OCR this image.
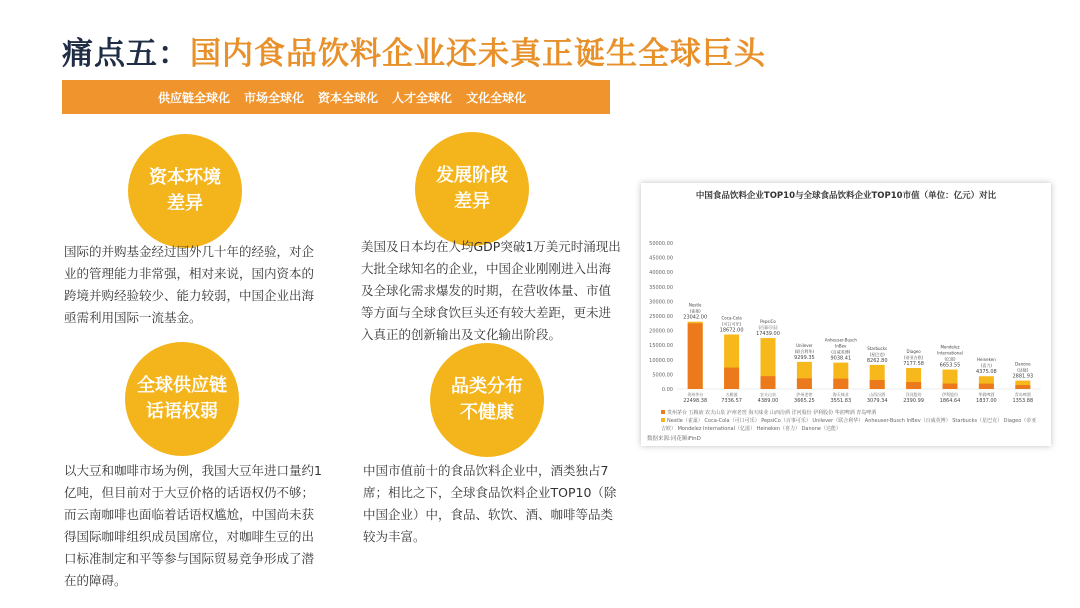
痛点五：国内食品饮料企业还未真正诞生全球巨头
供应链全球化 市场全球化 资本全球化 人才全球化 文化全球化
资本环境
差异
国际的并购基金经过国外几十年的经验，对企业的管理能力非常强，相对来说，国内资本的跨境并购经验较少、能力较弱，中国企业出海亟需利用国际一流基金。
发展阶段
差异
美国及日本均在人均GDP突破1万美元时涌现出大批全球知名的企业，中国企业刚刚进入出海及全球化需求爆发的时期，在营收体量、市值等方面与全球食饮巨头还有较大差距，更未进入真正的创新输出及文化输出阶段。
全球供应链
话语权弱
以大豆和咖啡市场为例，我国大豆年进口量约1亿吨，但目前对于大豆价格的话语权仍不够；而云南咖啡也面临着话语权尴尬，中国尚未获得国际咖啡组织成员国席位，对咖啡生豆的出口标准制定和平等参与国际贸易竞争形成了潜在的障碍。
品类分布
不健康
中国市值前十的食品饮料企业中，酒类独占7席；相比之下，全球食品饮料企业TOP10（除中国企业）中，食品、软饮、酒、咖啡等品类较为丰富。
中国食品饮料企业TOP10与全球食品饮料企业TOP10市值（单位：亿元）对比
50000.00
45000.00
40000.00
35000.00
30000.00
25000.00
20000.00
15000.00
10000.00
5000.00
0.00
Nestle
(雀巢)
23042.00
贵州茅台
22498.38
Coca-Cola
(可口可乐)
18672.00
五粮液
7336.57
PepsiCo
(百事可乐)
17439.00
农夫山泉
4389.00
Unilever
(联合利华)
9299.35
泸州老窖
3665.25
Anheuser-Busch
InBev
(百威英博)
9038.41
海天味业
3551.83
Starbucks
(星巴克)
8262.80
山西汾酒
3079.34
Diageo
(帝亚吉欧)
7177.58
洋河股份
2390.99
Mondelez
International
(亿滋)
6653.55
伊利股份
1864.64
Heineken
(喜力)
4375.08
华润啤酒
1837.00
Danone
(达能)
2881.93
青岛啤酒
1353.88
贵州茅台 五粮液 农夫山泉 泸州老窖 海天味业 山西汾酒 洋河股份 伊利股份 华润啤酒 青岛啤酒
Nestle（雀巢） Coca-Cola（可口可乐） PepsiCo（百事可乐） Unilever（联合利华） Anheuser-Busch InBev（百威英博） Starbucks（星巴克） Diageo（帝亚吉欧） Mondelez International（亿滋） Heineken（喜力） Danone（达能）
数据来源:同花顺iFinD
